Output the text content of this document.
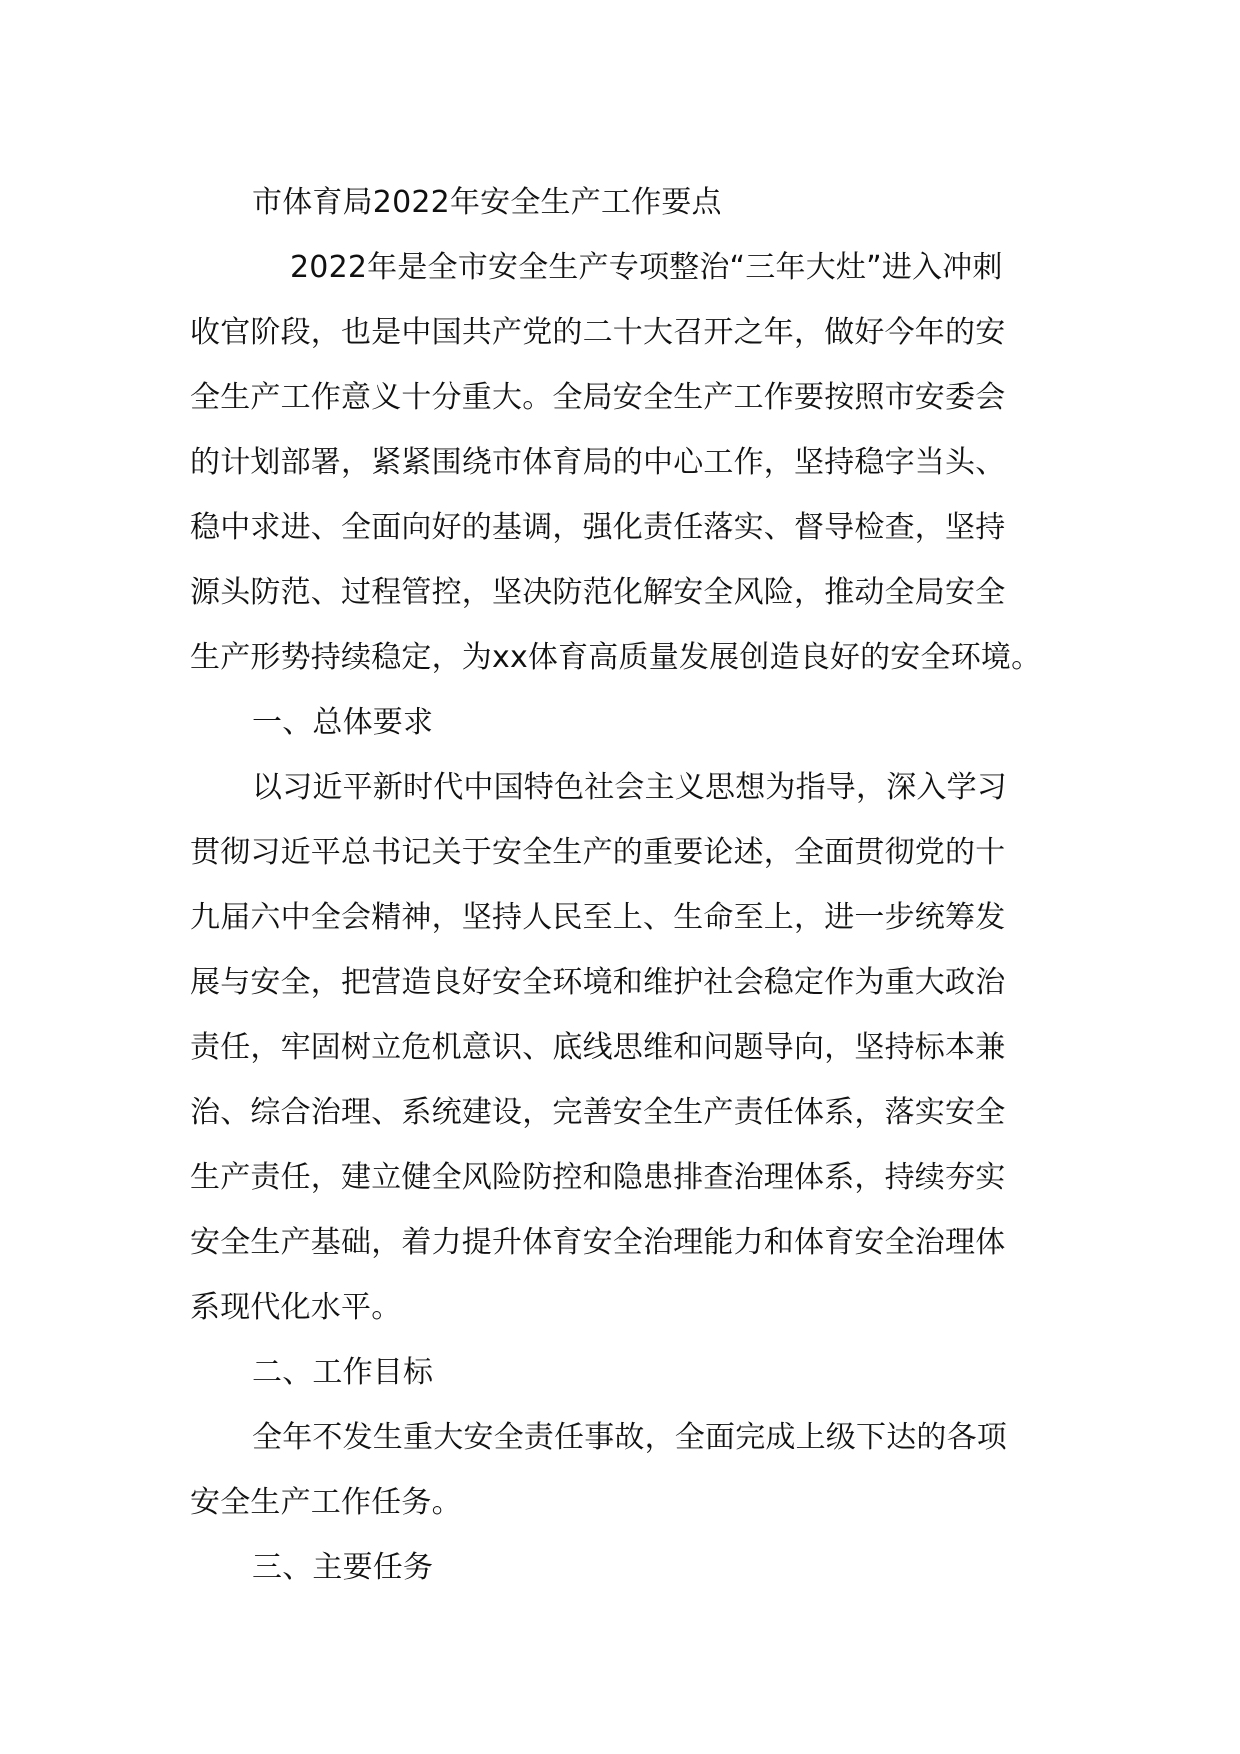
市体育局2022年安全生产工作要点
2022年是全市安全生产专项整治“三年大灶”进入冲刺
收官阶段，也是中国共产党的二十大召开之年，做好今年的安
全生产工作意义十分重大。全局安全生产工作要按照市安委会
的计划部署，紧紧围绕市体育局的中心工作，坚持稳字当头、
稳中求进、全面向好的基调，强化责任落实、督导检查，坚持
源头防范、过程管控，坚决防范化解安全风险，推动全局安全
生产形势持续稳定，为xx体育高质量发展创造良好的安全环境。
一、总体要求
以习近平新时代中国特色社会主义思想为指导，深入学习
贯彻习近平总书记关于安全生产的重要论述，全面贯彻党的十
九届六中全会精神，坚持人民至上、生命至上，进一步统筹发
展与安全，把营造良好安全环境和维护社会稳定作为重大政治
责任，牢固树立危机意识、底线思维和问题导向，坚持标本兼
治、综合治理、系统建设，完善安全生产责任体系，落实安全
生产责任，建立健全风险防控和隐患排查治理体系，持续夯实
安全生产基础，着力提升体育安全治理能力和体育安全治理体
系现代化水平。
二、工作目标
全年不发生重大安全责任事故，全面完成上级下达的各项
安全生产工作任务。
三、主要任务
